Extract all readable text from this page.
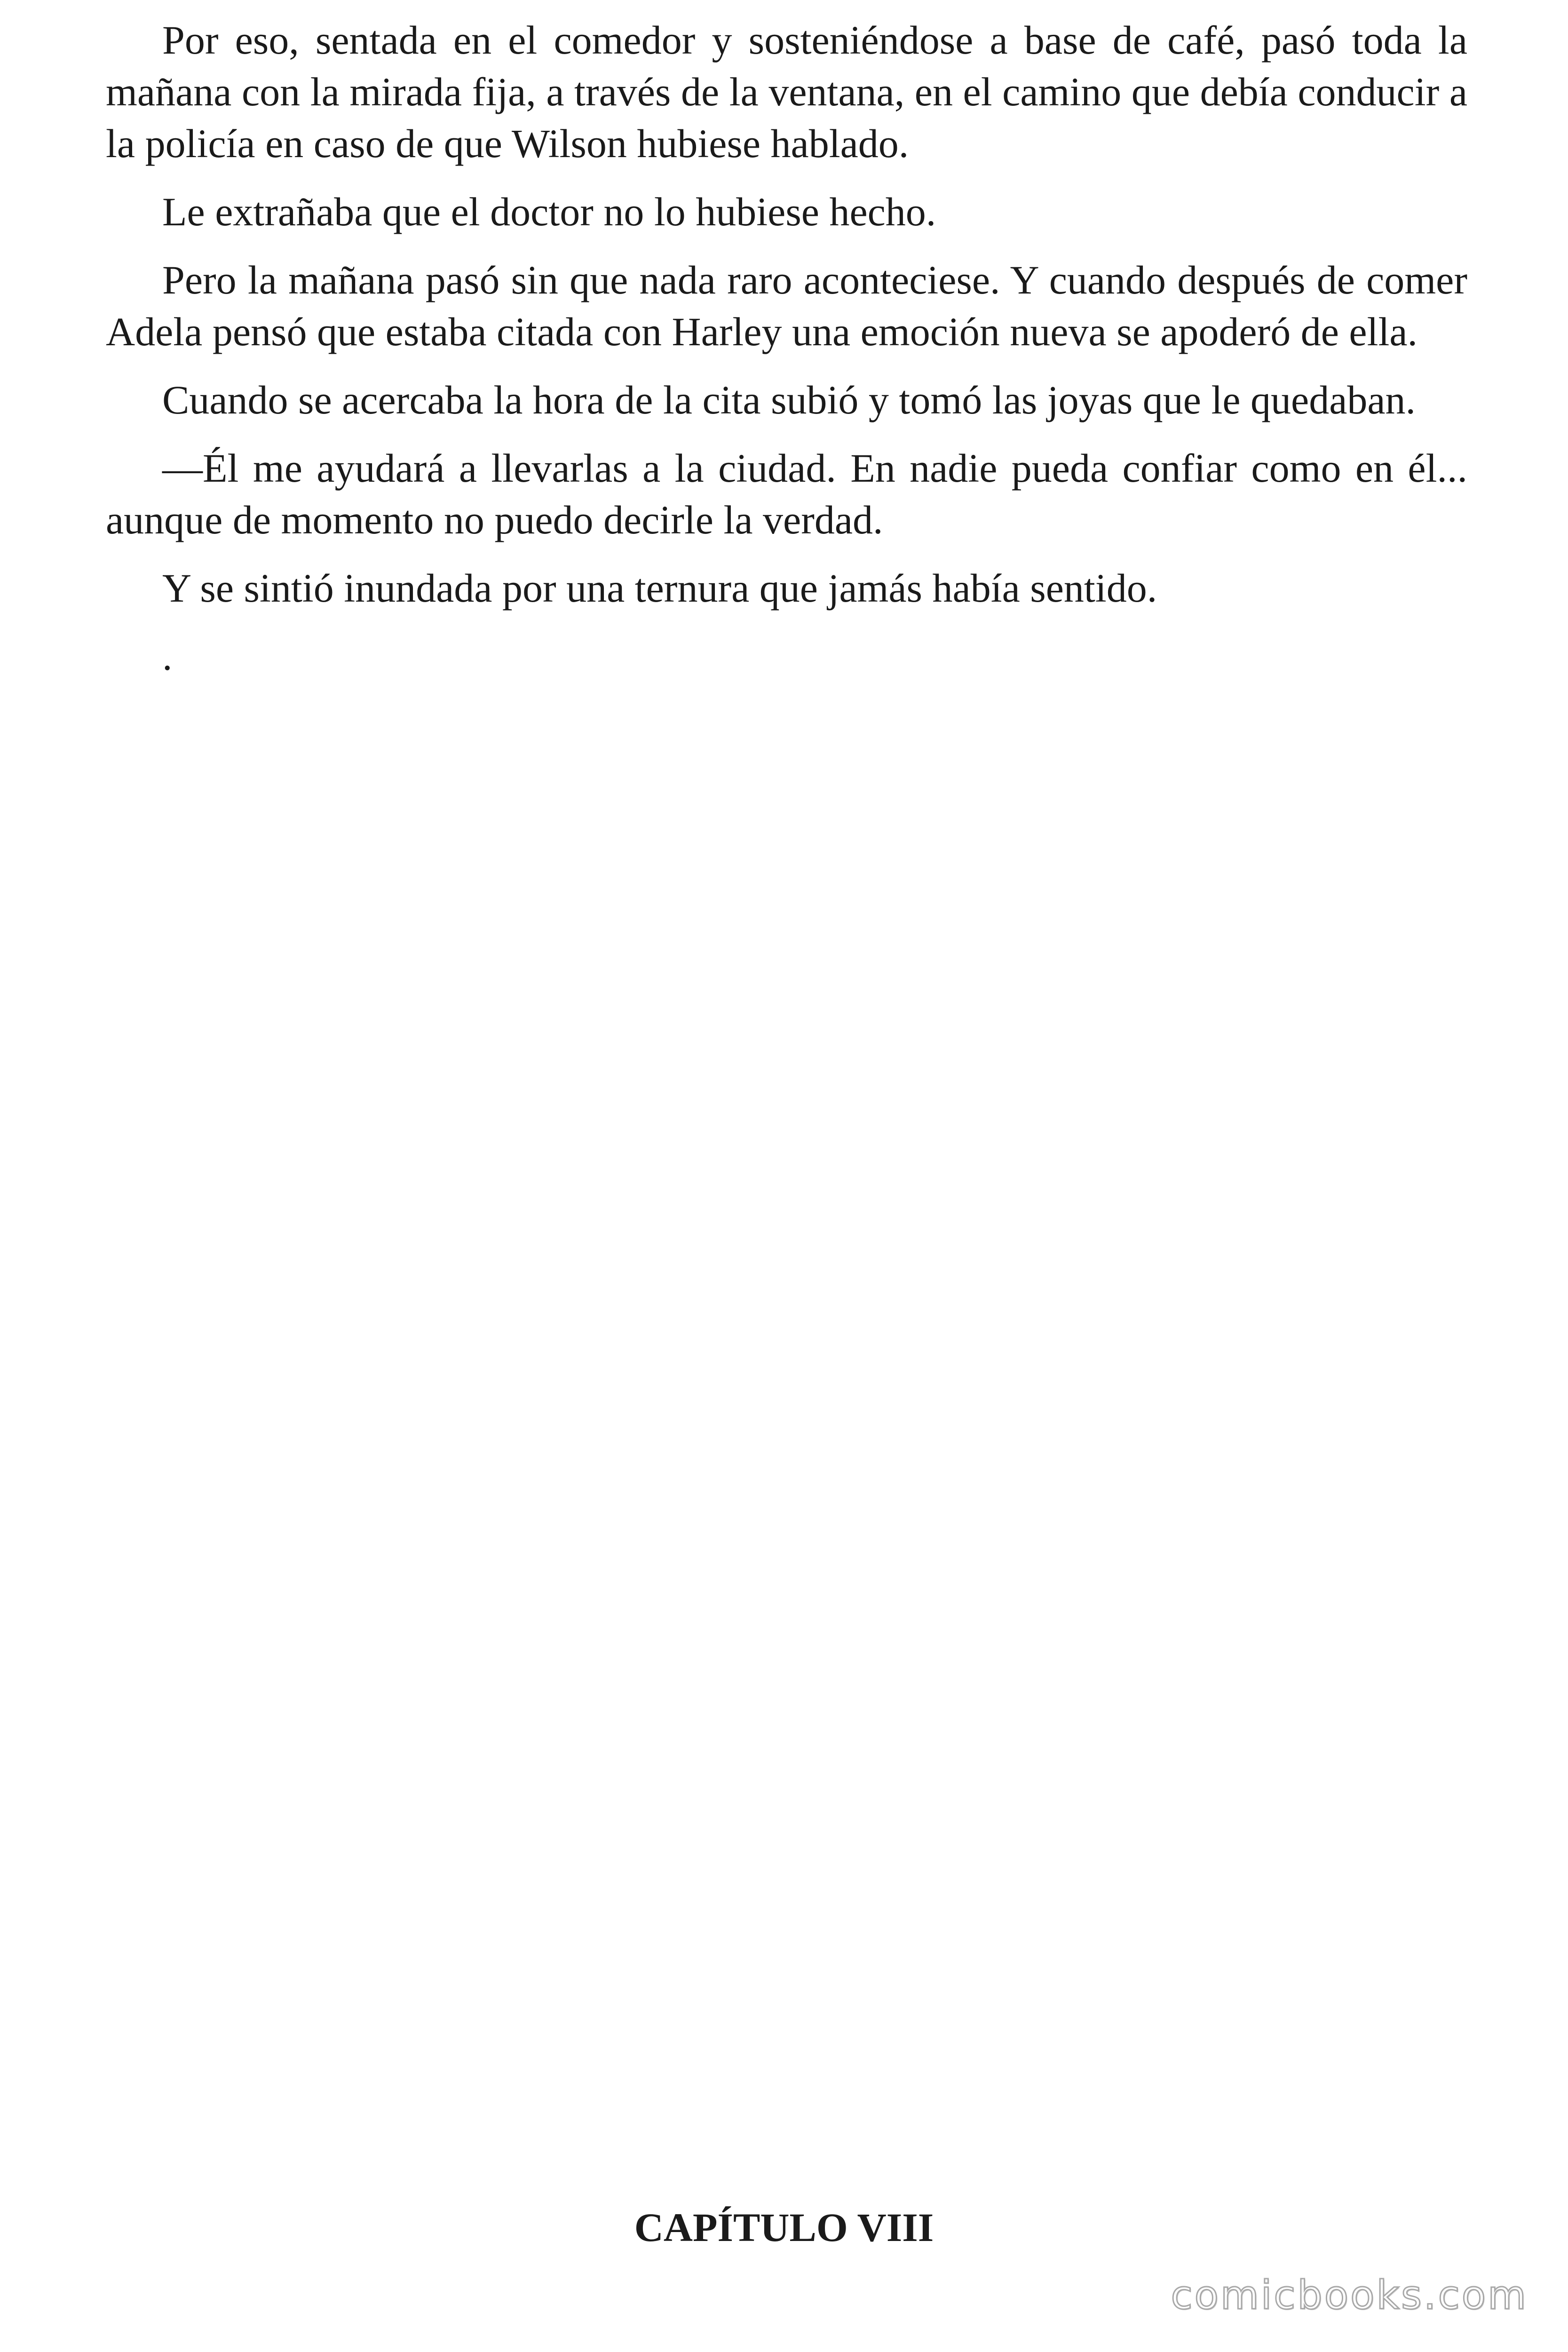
Por eso, sentada en el comedor y sosteniéndose a base de café, pasó toda la mañana con la mirada fija, a través de la ventana, en el camino que debía conducir a la policía en caso de que Wilson hubiese hablado.

Le extrañaba que el doctor no lo hubiese hecho.

Pero la mañana pasó sin que nada raro aconteciese. Y cuando después de comer Adela pensó que estaba citada con Harley una emoción nueva se apoderó de ella.

Cuando se acercaba la hora de la cita subió y tomó las joyas que le quedaban.

—Él me ayudará a llevarlas a la ciudad. En nadie pueda confiar como en él... aunque de momento no puedo decirle la verdad.

Y se sintió inundada por una ternura que jamás había sentido.

.

CAPÍTULO VIII
comicbooks.com
